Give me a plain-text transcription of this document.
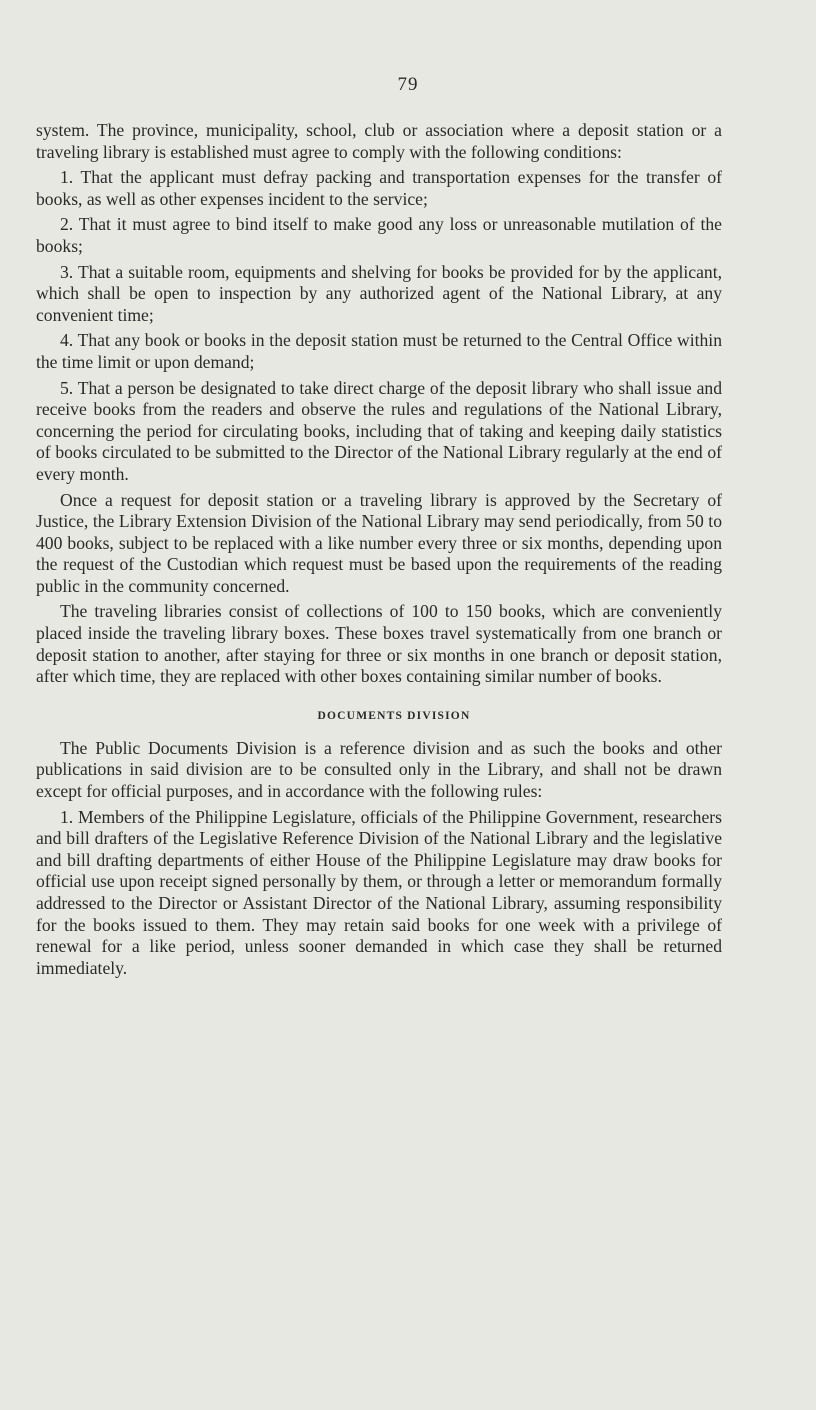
79

system. The province, municipality, school, club or association where a deposit station or a traveling library is established must agree to comply with the following conditions:

1. That the applicant must defray packing and transportation expenses for the transfer of books, as well as other expenses incident to the service;

2. That it must agree to bind itself to make good any loss or unreasonable mutilation of the books;

3. That a suitable room, equipments and shelving for books be provided for by the applicant, which shall be open to inspection by any authorized agent of the National Library, at any convenient time;

4. That any book or books in the deposit station must be returned to the Central Office within the time limit or upon demand;

5. That a person be designated to take direct charge of the deposit library who shall issue and receive books from the readers and observe the rules and regulations of the National Library, concerning the period for circulating books, including that of taking and keeping daily statistics of books circulated to be submitted to the Director of the National Library regularly at the end of every month.

Once a request for deposit station or a traveling library is approved by the Secretary of Justice, the Library Extension Division of the National Library may send periodically, from 50 to 400 books, subject to be replaced with a like number every three or six months, depending upon the request of the Custodian which request must be based upon the requirements of the reading public in the community concerned.

The traveling libraries consist of collections of 100 to 150 books, which are conveniently placed inside the traveling library boxes. These boxes travel systematically from one branch or deposit station to another, after staying for three or six months in one branch or deposit station, after which time, they are replaced with other boxes containing similar number of books.

DOCUMENTS DIVISION

The Public Documents Division is a reference division and as such the books and other publications in said division are to be consulted only in the Library, and shall not be drawn except for official purposes, and in accordance with the following rules:

1. Members of the Philippine Legislature, officials of the Philippine Government, researchers and bill drafters of the Legislative Reference Division of the National Library and the legislative and bill drafting departments of either House of the Philippine Legislature may draw books for official use upon receipt signed personally by them, or through a letter or memorandum formally addressed to the Director or Assistant Director of the National Library, assuming responsibility for the books issued to them. They may retain said books for one week with a privilege of renewal for a like period, unless sooner demanded in which case they shall be returned immediately.
